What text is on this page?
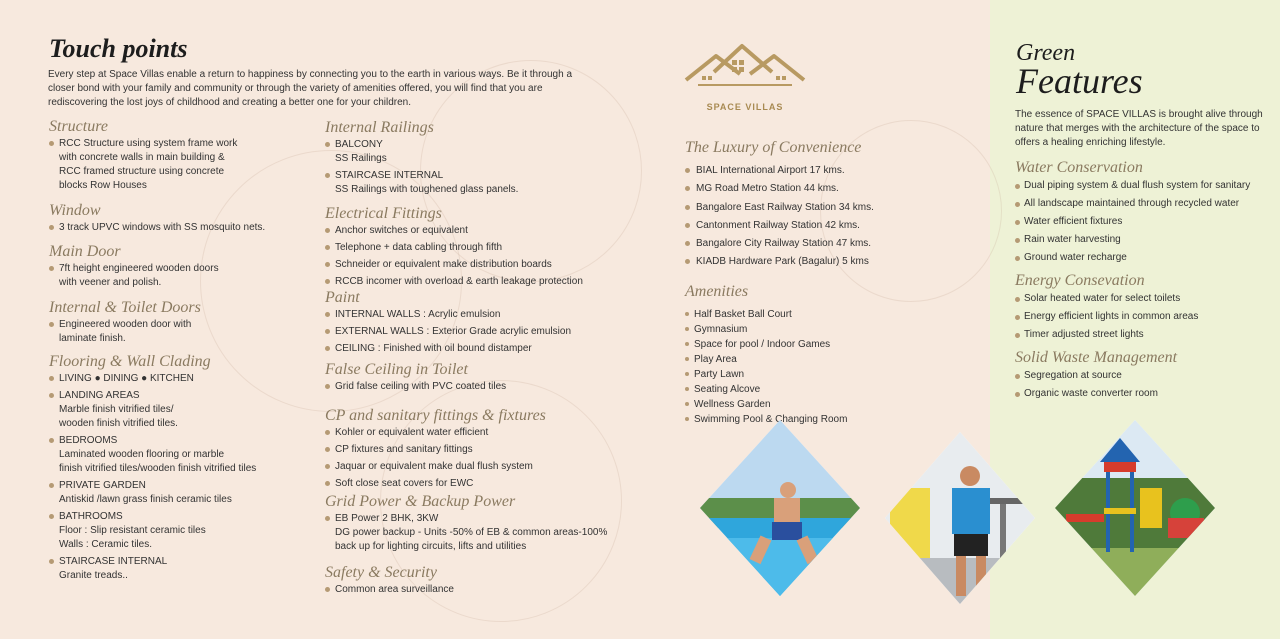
Touch points
Every step at Space Villas enable a return to happiness by connecting you to the earth in various ways. Be it through a closer bond with your family and community or through the variety of amenities offered, you will find that you are rediscovering the lost joys of childhood and creating a better one for your children.
Structure
RCC Structure using system frame work
with concrete walls in main building &
RCC framed structure using concrete
blocks Row Houses
Window
3 track UPVC windows with SS mosquito nets.
Main Door
7ft height engineered wooden doors
with veener and polish.
Internal & Toilet Doors
Engineered wooden door with
laminate finish.
Flooring & Wall Clading
LIVING ● DINING ● KITCHEN
LANDING AREAS
Marble finish vitrified tiles/
wooden finish vitrified tiles.
BEDROOMS
Laminated wooden flooring or marble
finish vitrified tiles/wooden finish vitrified tiles
PRIVATE GARDEN
Antiskid /lawn grass finish ceramic tiles
BATHROOMS
Floor : Slip resistant ceramic tiles
Walls : Ceramic tiles.
STAIRCASE INTERNAL
Granite treads..
Internal Railings
BALCONY
SS Railings
STAIRCASE INTERNAL
SS Railings with toughened glass panels.
Electrical Fittings
Anchor switches or equivalent
Telephone + data cabling through fifth
Schneider or equivalent make distribution boards
RCCB incomer with overload & earth leakage protection
Paint
INTERNAL WALLS : Acrylic emulsion
EXTERNAL WALLS : Exterior Grade acrylic emulsion
CEILING : Finished with oil bound distamper
False Ceiling in Toilet
Grid false ceiling with PVC coated tiles
CP and sanitary fittings & fixtures
Kohler or equivalent water efficient
CP fixtures and sanitary fittings
Jaquar or equivalent make dual flush system
Soft close seat covers for EWC
Grid Power & Backup Power
EB Power 2 BHK, 3KW
DG power backup - Units -50% of EB & common areas-100%
back up for lighting circuits, lifts and utilities
Safety & Security
Common area surveillance
SPACE VILLAS
The Luxury of Convenience
BIAL International Airport 17 kms.
MG Road Metro Station 44 kms.
Bangalore East Railway Station 34 kms.
Cantonment Railway Station 42 kms.
Bangalore City Railway Station 47 kms.
KIADB Hardware Park (Bagalur) 5 kms
Amenities
Half Basket Ball Court
Gymnasium
Space for pool / Indoor Games
Play Area
Party Lawn
Seating Alcove
Wellness Garden
Swimming Pool & Changing Room
Green
Features
The essence of SPACE VILLAS is brought alive through nature that merges with the architecture of the space to offers a healing enriching lifestyle.
Water Conservation
Dual piping system & dual flush system for sanitary
All landscape maintained through recycled water
Water efficient fixtures
Rain water harvesting
Ground water recharge
Energy Consevation
Solar heated water for select toilets
Energy efficient lights in common areas
Timer adjusted street lights
Solid Waste Management
Segregation at source
Organic waste converter room
